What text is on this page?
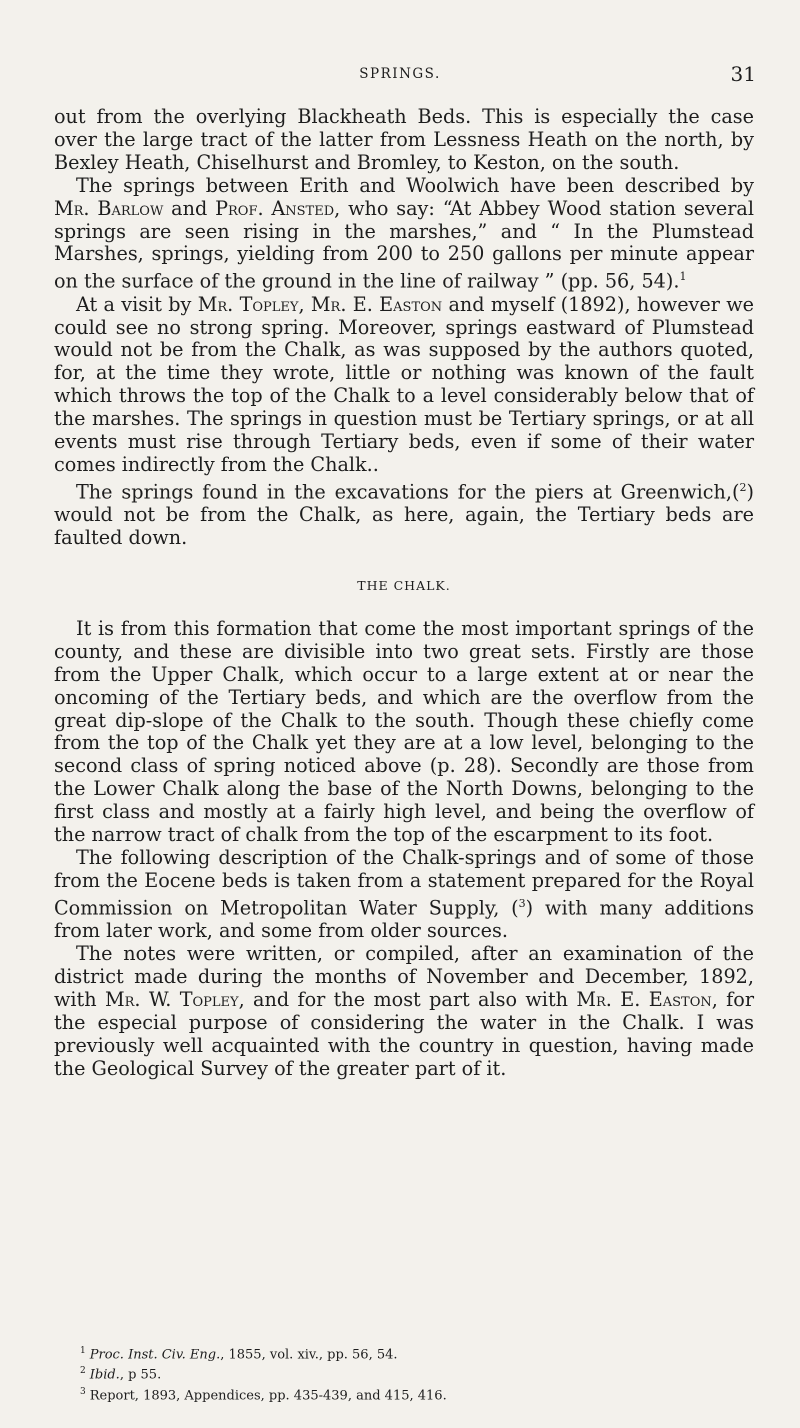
SPRINGS.	31

out from the overlying Blackheath Beds. This is especially the case over the large tract of the latter from Lessness Heath on the north, by Bexley Heath, Chiselhurst and Bromley, to Keston, on the south.

The springs between Erith and Woolwich have been described by Mr. Barlow and Prof. Ansted, who say: “At Abbey Wood station several springs are seen rising in the marshes,” and “ In the Plumstead Marshes, springs, yielding from 200 to 250 gallons per minute appear on the surface of the ground in the line of railway ” (pp. 56, 54).$^1$

At a visit by Mr. Topley, Mr. E. Easton and myself (1892), however we could see no strong spring. Moreover, springs eastward of Plumstead would not be from the Chalk, as was supposed by the authors quoted, for, at the time they wrote, little or nothing was known of the fault which throws the top of the Chalk to a level considerably below that of the marshes. The springs in question must be Tertiary springs, or at all events must rise through Tertiary beds, even if some of their water comes indirectly from the Chalk..

The springs found in the excavations for the piers at Greenwich,($^2$) would not be from the Chalk, as here, again, the Tertiary beds are faulted down.

THE CHALK.

It is from this formation that come the most important springs of the county, and these are divisible into two great sets. Firstly are those from the Upper Chalk, which occur to a large extent at or near the oncoming of the Tertiary beds, and which are the overflow from the great dip-slope of the Chalk to the south. Though these chiefly come from the top of the Chalk yet they are at a low level, belonging to the second class of spring noticed above (p. 28). Secondly are those from the Lower Chalk along the base of the North Downs, belonging to the first class and mostly at a fairly high level, and being the overflow of the narrow tract of chalk from the top of the escarpment to its foot.

The following description of the Chalk-springs and of some of those from the Eocene beds is taken from a statement prepared for the Royal Commission on Metropolitan Water Supply, ($^3$) with many additions from later work, and some from older sources.

The notes were written, or compiled, after an examination of the district made during the months of November and December, 1892, with Mr. W. Topley, and for the most part also with Mr. E. Easton, for the especial purpose of considering the water in the Chalk. I was previously well acquainted with the country in question, having made the Geological Survey of the greater part of it.

$^1$ Proc. Inst. Civ. Eng., 1855, vol. xiv., pp. 56, 54.

$^2$ Ibid., p 55.

$^3$ Report, 1893, Appendices, pp. 435-439, and 415, 416.
